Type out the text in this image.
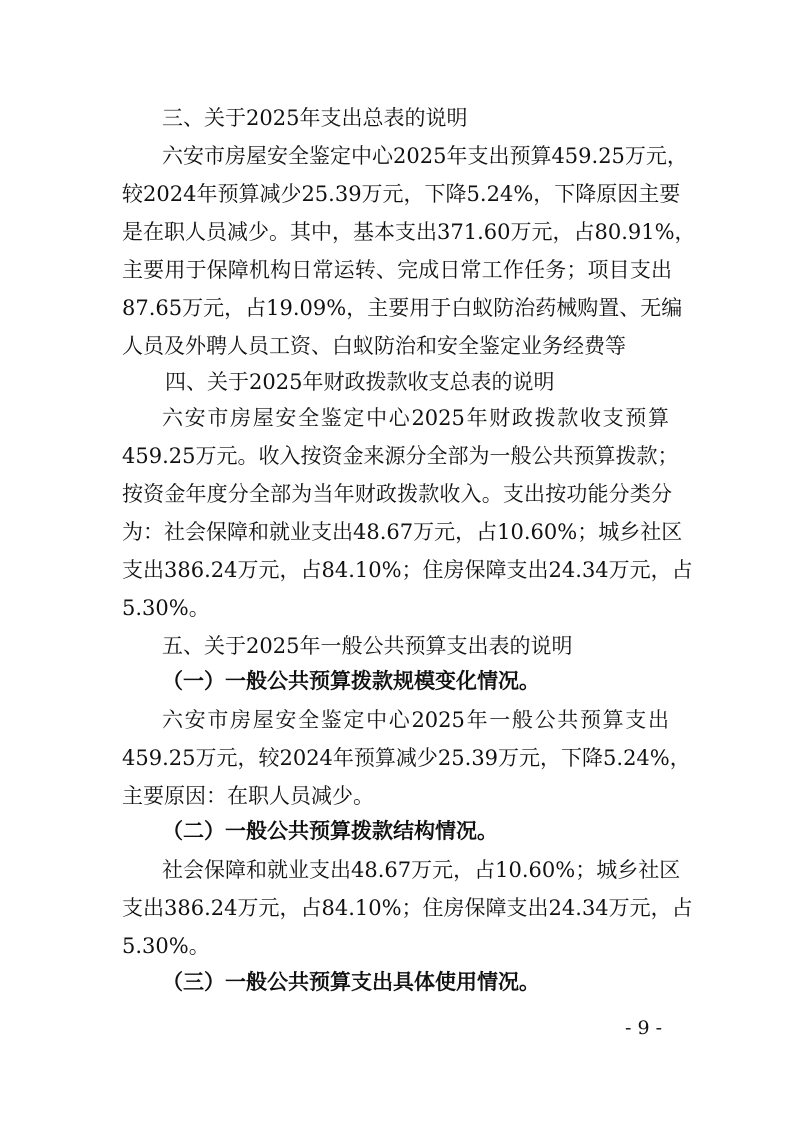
三、关于2025年支出总表的说明
六安市房屋安全鉴定中心2025年支出预算459.25万元，
较2024年预算减少25.39万元，下降5.24%，下降原因主要
是在职人员减少。其中，基本支出371.60万元，占80.91%，
主要用于保障机构日常运转、完成日常工作任务；项目支出
87.65万元，占19.09%，主要用于白蚁防治药械购置、无编
人员及外聘人员工资、白蚁防治和安全鉴定业务经费等
四、关于2025年财政拨款收支总表的说明
六安市房屋安全鉴定中心2025年财政拨款收支预算
459.25万元。收入按资金来源分全部为一般公共预算拨款；
按资金年度分全部为当年财政拨款收入。支出按功能分类分
为：社会保障和就业支出48.67万元，占10.60%；城乡社区
支出386.24万元，占84.10%；住房保障支出24.34万元，占
5.30%。
五、关于2025年一般公共预算支出表的说明
（一）一般公共预算拨款规模变化情况。
六安市房屋安全鉴定中心2025年一般公共预算支出
459.25万元，较2024年预算减少25.39万元，下降5.24%，
主要原因：在职人员减少。
（二）一般公共预算拨款结构情况。
社会保障和就业支出48.67万元，占10.60%；城乡社区
支出386.24万元，占84.10%；住房保障支出24.34万元，占
5.30%。
（三）一般公共预算支出具体使用情况。
- 9 -
